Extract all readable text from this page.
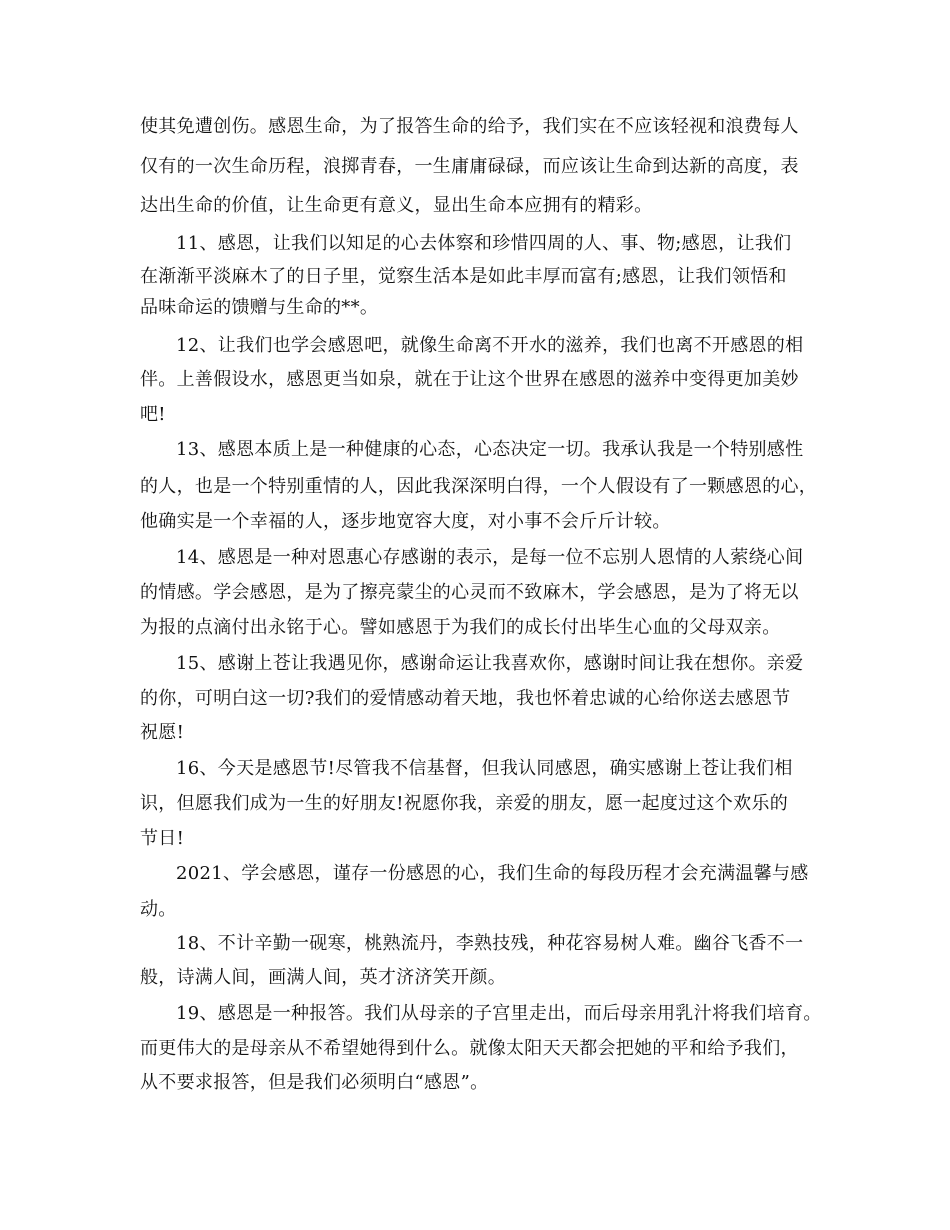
使其免遭创伤。感恩生命，为了报答生命的给予，我们实在不应该轻视和浪费每人
仅有的一次生命历程，浪掷青春，一生庸庸碌碌，而应该让生命到达新的高度，表
达出生命的价值，让生命更有意义，显出生命本应拥有的精彩。
11、感恩，让我们以知足的心去体察和珍惜四周的人、事、物;感恩，让我们
在渐渐平淡麻木了的日子里，觉察生活本是如此丰厚而富有;感恩，让我们领悟和
品味命运的馈赠与生命的**。
12、让我们也学会感恩吧，就像生命离不开水的滋养，我们也离不开感恩的相
伴。上善假设水，感恩更当如泉，就在于让这个世界在感恩的滋养中变得更加美妙
吧!
13、感恩本质上是一种健康的心态，心态决定一切。我承认我是一个特别感性
的人，也是一个特别重情的人，因此我深深明白得，一个人假设有了一颗感恩的心，
他确实是一个幸福的人，逐步地宽容大度，对小事不会斤斤计较。
14、感恩是一种对恩惠心存感谢的表示，是每一位不忘别人恩情的人萦绕心间
的情感。学会感恩，是为了擦亮蒙尘的心灵而不致麻木，学会感恩，是为了将无以
为报的点滴付出永铭于心。譬如感恩于为我们的成长付出毕生心血的父母双亲。
15、感谢上苍让我遇见你，感谢命运让我喜欢你，感谢时间让我在想你。亲爱
的你，可明白这一切?我们的爱情感动着天地，我也怀着忠诚的心给你送去感恩节
祝愿!
16、今天是感恩节!尽管我不信基督，但我认同感恩，确实感谢上苍让我们相
识，但愿我们成为一生的好朋友!祝愿你我，亲爱的朋友，愿一起度过这个欢乐的
节日!
2021、学会感恩，谨存一份感恩的心，我们生命的每段历程才会充满温馨与感
动。
18、不计辛勤一砚寒，桃熟流丹，李熟技残，种花容易树人难。幽谷飞香不一
般，诗满人间，画满人间，英才济济笑开颜。
19、感恩是一种报答。我们从母亲的子宫里走出，而后母亲用乳汁将我们培育。
而更伟大的是母亲从不希望她得到什么。就像太阳天天都会把她的平和给予我们，
从不要求报答，但是我们必须明白“感恩”。
